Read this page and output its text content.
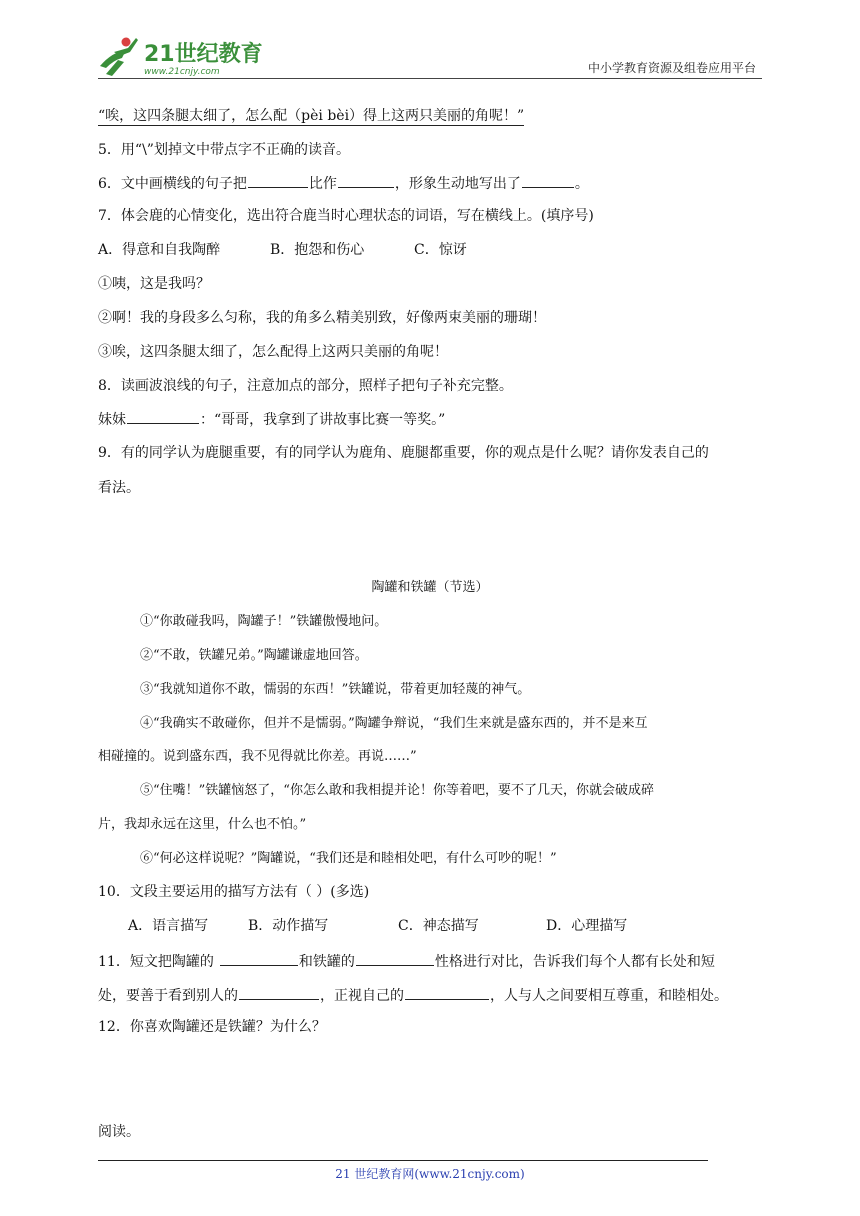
21世纪教育
www.21cnjy.com	中小学教育资源及组卷应用平台
“唉，这四条腿太细了，怎么配（pèi bèi）得上这两只美丽的角呢！”
5．用“\”划掉文中带点字不正确的读音。
6．文中画横线的句子把	比作	，形象生动地写出了	。
7．体会鹿的心情变化，选出符合鹿当时心理状态的词语，写在横线上。(填序号)
A．得意和自我陶醉	B．抱怨和伤心	C．惊讶
①咦，这是我吗？
②啊！我的身段多么匀称，我的角多么精美别致，好像两束美丽的珊瑚！
③唉，这四条腿太细了，怎么配得上这两只美丽的角呢！
8．读画波浪线的句子，注意加点的部分，照样子把句子补充完整。
妹妹	：“哥哥，我拿到了讲故事比赛一等奖。”
9．有的同学认为鹿腿重要，有的同学认为鹿角、鹿腿都重要，你的观点是什么呢？请你发表自己的
看法。
陶罐和铁罐（节选）
①“你敢碰我吗，陶罐子！”铁罐傲慢地问。
②“不敢，铁罐兄弟。”陶罐谦虚地回答。
③“我就知道你不敢，懦弱的东西！”铁罐说，带着更加轻蔑的神气。
④“我确实不敢碰你，但并不是懦弱。”陶罐争辩说，“我们生来就是盛东西的，并不是来互
相碰撞的。说到盛东西，我不见得就比你差。再说……”
⑤“住嘴！”铁罐恼怒了，“你怎么敢和我相提并论！你等着吧，要不了几天，你就会破成碎
片，我却永远在这里，什么也不怕。”
⑥“何必这样说呢？”陶罐说，“我们还是和睦相处吧，有什么可吵的呢！”
10．文段主要运用的描写方法有（ ）(多选)
A．语言描写	B．动作描写	C．神态描写	D．心理描写
11．短文把陶罐的	和铁罐的	性格进行对比，告诉我们每个人都有长处和短
处，要善于看到别人的	，正视自己的	，人与人之间要相互尊重，和睦相处。
12．你喜欢陶罐还是铁罐？为什么？
阅读。
21 世纪教育网(www.21cnjy.com)
